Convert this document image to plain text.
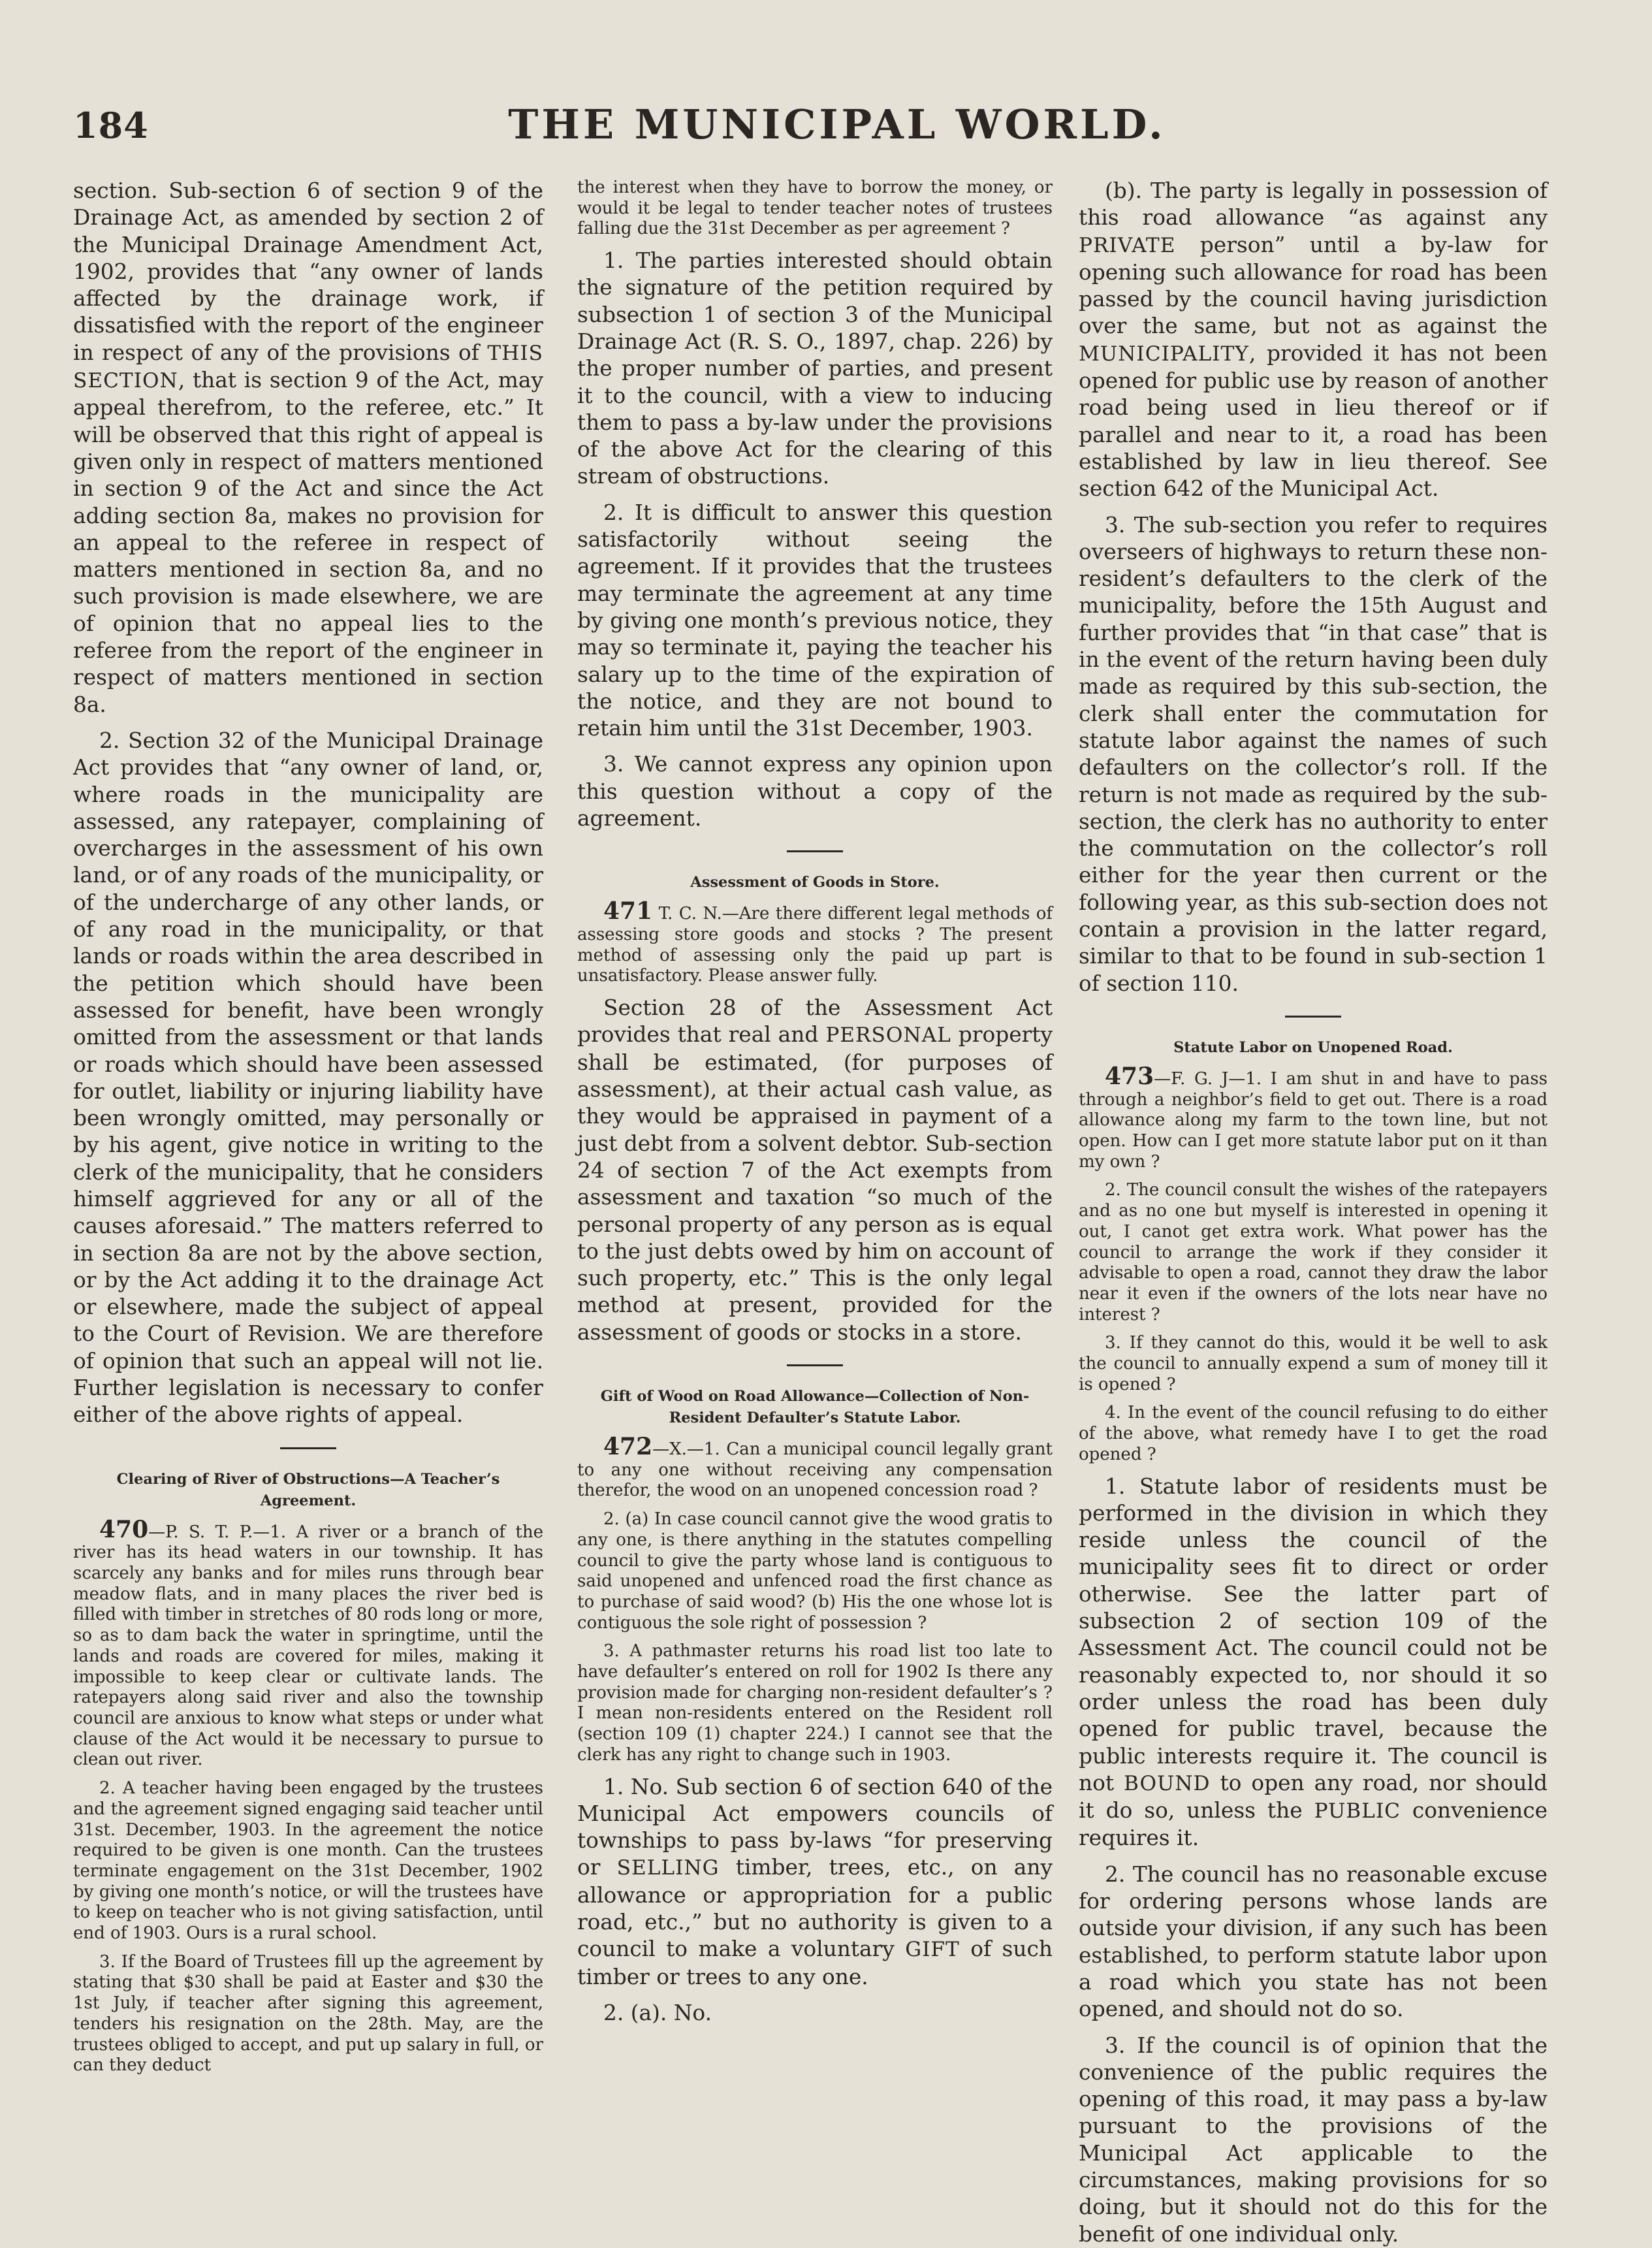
184	THE MUNICIPAL WORLD.

section. Sub-section 6 of section 9 of the Drainage Act, as amended by section 2 of the Municipal Drainage Amendment Act, 1902, provides that “any owner of lands affected by the drainage work, if dissatisfied with the report of the engineer in respect of any of the provisions of THIS SECTION, that is section 9 of the Act, may appeal therefrom, to the referee, etc.” It will be observed that this right of appeal is given only in respect of matters mentioned in section 9 of the Act and since the Act adding section 8a, makes no provision for an appeal to the referee in respect of matters mentioned in section 8a, and no such provision is made elsewhere, we are of opinion that no appeal lies to the referee from the report of the engineer in respect of matters mentioned in section 8a.

2. Section 32 of the Municipal Drainage Act provides that “any owner of land, or, where roads in the municipality are assessed, any ratepayer, complaining of overcharges in the assessment of his own land, or of any roads of the municipality, or of the undercharge of any other lands, or of any road in the municipality, or that lands or roads within the area described in the petition which should have been assessed for benefit, have been wrongly omitted from the assessment or that lands or roads which should have been assessed for outlet, liability or injuring liability have been wrongly omitted, may personally or by his agent, give notice in writing to the clerk of the municipality, that he considers himself aggrieved for any or all of the causes aforesaid.” The matters referred to in section 8a are not by the above section, or by the Act adding it to the drainage Act or elsewhere, made the subject of appeal to the Court of Revision. We are therefore of opinion that such an appeal will not lie. Further legislation is necessary to confer either of the above rights of appeal.

Clearing of River of Obstructions—A Teacher’s Agreement.

470—P. S. T. P.—1. A river or a branch of the river has its head waters in our township. It has scarcely any banks and for miles runs through bear meadow flats, and in many places the river bed is filled with timber in stretches of 80 rods long or more, so as to dam back the water in springtime, until the lands and roads are covered for miles, making it impossible to keep clear or cultivate lands. The ratepayers along said river and also the township council are anxious to know what steps or under what clause of the Act would it be necessary to pursue to clean out river.

2. A teacher having been engaged by the trustees and the agreement signed engaging said teacher until 31st. December, 1903. In the agreement the notice required to be given is one month. Can the trustees terminate engagement on the 31st December, 1902 by giving one month’s notice, or will the trustees have to keep on teacher who is not giving satisfaction, until end of 1903. Ours is a rural school.

3. If the Board of Trustees fill up the agreement by stating that $30 shall be paid at Easter and $30 the 1st July, if teacher after signing this agreement, tenders his resignation on the 28th. May, are the trustees obliged to accept, and put up salary in full, or can they deduct

the interest when they have to borrow the money, or would it be legal to tender teacher notes of trustees falling due the 31st December as per agreement ?

1. The parties interested should obtain the signature of the petition required by subsection 1 of section 3 of the Municipal Drainage Act (R. S. O., 1897, chap. 226) by the proper number of parties, and present it to the council, with a view to inducing them to pass a by-law under the provisions of the above Act for the clearing of this stream of obstructions.

2. It is difficult to answer this question satisfactorily without seeing the agreement. If it provides that the trustees may terminate the agreement at any time by giving one month’s previous notice, they may so terminate it, paying the teacher his salary up to the time of the expiration of the notice, and they are not bound to retain him until the 31st December, 1903.

3. We cannot express any opinion upon this question without a copy of the agreement.

Assessment of Goods in Store.

471 T. C. N.—Are there different legal methods of assessing store goods and stocks ? The present method of assessing only the paid up part is unsatisfactory. Please answer fully.

Section 28 of the Assessment Act provides that real and PERSONAL property shall be estimated, (for purposes of assessment), at their actual cash value, as they would be appraised in payment of a just debt from a solvent debtor. Sub-section 24 of section 7 of the Act exempts from assessment and taxation “so much of the personal property of any person as is equal to the just debts owed by him on account of such property, etc.” This is the only legal method at present, provided for the assessment of goods or stocks in a store.

Gift of Wood on Road Allowance—Collection of Non-Resident Defaulter’s Statute Labor.

472—X.—1. Can a municipal council legally grant to any one without receiving any compensation therefor, the wood on an unopened concession road ?

2. (a) In case council cannot give the wood gratis to any one, is there anything in the statutes compelling council to give the party whose land is contiguous to said unopened and unfenced road the first chance as to purchase of said wood? (b) His the one whose lot is contiguous the sole right of possession ?

3. A pathmaster returns his road list too late to have defaulter’s entered on roll for 1902 Is there any provision made for charging non-resident defaulter’s ? I mean non-residents entered on the Resident roll (section 109 (1) chapter 224.) I cannot see that the clerk has any right to change such in 1903.

1. No. Sub section 6 of section 640 of the Municipal Act empowers councils of townships to pass by-laws “for preserving or SELLING timber, trees, etc., on any allowance or appropriation for a public road, etc.,” but no authority is given to a council to make a voluntary GIFT of such timber or trees to any one.

2. (a). No.

(b). The party is legally in possession of this road allowance “as against any PRIVATE person” until a by-law for opening such allowance for road has been passed by the council having jurisdiction over the same, but not as against the MUNICIPALITY, provided it has not been opened for public use by reason of another road being used in lieu thereof or if parallel and near to it, a road has been established by law in lieu thereof. See section 642 of the Municipal Act.

3. The sub-section you refer to requires overseers of highways to return these non-resident’s defaulters to the clerk of the municipality, before the 15th August and further provides that “in that case” that is in the event of the return having been duly made as required by this sub-section, the clerk shall enter the commutation for statute labor against the names of such defaulters on the collector’s roll. If the return is not made as required by the sub-section, the clerk has no authority to enter the commutation on the collector’s roll either for the year then current or the following year, as this sub-section does not contain a provision in the latter regard, similar to that to be found in sub-section 1 of section 110.

Statute Labor on Unopened Road.

473—F. G. J—1. I am shut in and have to pass through a neighbor’s field to get out. There is a road allowance along my farm to the town line, but not open. How can I get more statute labor put on it than my own ?

2. The council consult the wishes of the ratepayers and as no one but myself is interested in opening it out, I canot get extra work. What power has the council to arrange the work if they consider it advisable to open a road, cannot they draw the labor near it even if the owners of the lots near have no interest ?

3. If they cannot do this, would it be well to ask the council to annually expend a sum of money till it is opened ?

4. In the event of the council refusing to do either of the above, what remedy have I to get the road opened ?

1. Statute labor of residents must be performed in the division in which they reside unless the council of the municipality sees fit to direct or order otherwise. See the latter part of subsection 2 of section 109 of the Assessment Act. The council could not be reasonably expected to, nor should it so order unless the road has been duly opened for public travel, because the public interests require it. The council is not BOUND to open any road, nor should it do so, unless the PUBLIC convenience requires it.

2. The council has no reasonable excuse for ordering persons whose lands are outside your division, if any such has been established, to perform statute labor upon a road which you state has not been opened, and should not do so.

3. If the council is of opinion that the convenience of the public requires the opening of this road, it may pass a by-law pursuant to the provisions of the Municipal Act applicable to the circumstances, making provisions for so doing, but it should not do this for the benefit of one individual only.
